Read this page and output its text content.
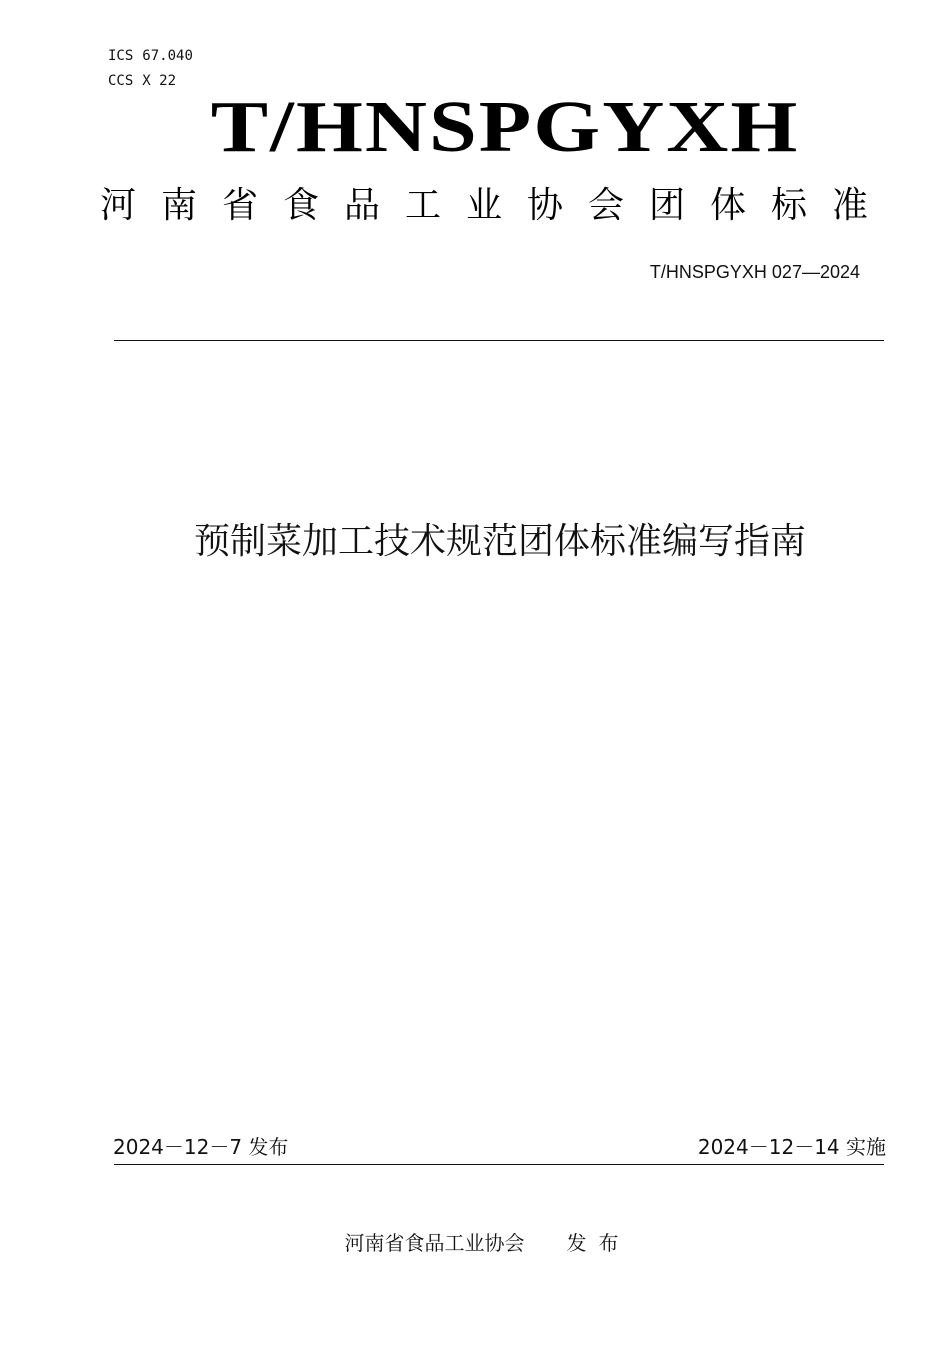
ICS 67.040
CCS X 22
T/HNSPGYXH
河南省食品工业协会团体标准
T/HNSPGYXH 027—2024
预制菜加工技术规范团体标准编写指南
2024－12－7 发布	2024－12－14 实施
河南省食品工业协会 发布
